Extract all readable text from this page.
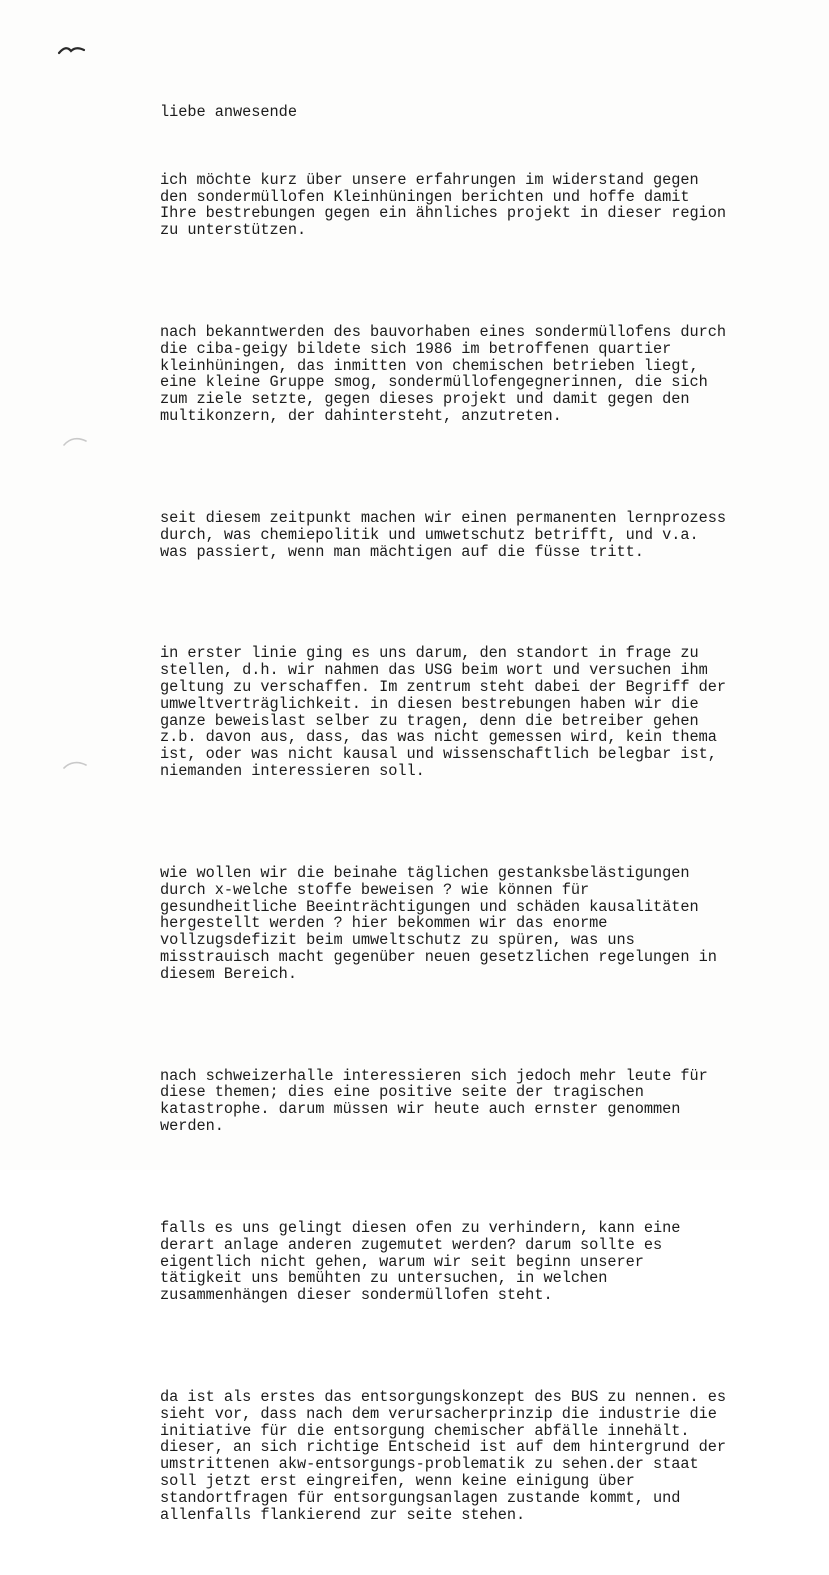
liebe anwesende

ich möchte kurz über unsere erfahrungen im widerstand gegen
den sondermüllofen Kleinhüningen berichten und hoffe damit
Ihre bestrebungen gegen ein ähnliches projekt in dieser region
zu unterstützen.

nach bekanntwerden des bauvorhaben eines sondermüllofens durch
die ciba-geigy bildete sich 1986 im betroffenen quartier
kleinhüningen, das inmitten von chemischen betrieben liegt,
eine kleine Gruppe smog, sondermüllofengegnerinnen, die sich
zum ziele setzte, gegen dieses projekt und damit gegen den
multikonzern, der dahintersteht, anzutreten.

seit diesem zeitpunkt machen wir einen permanenten lernprozess
durch, was chemiepolitik und umwetschutz betrifft, und v.a.
was passiert, wenn man mächtigen auf die füsse tritt.

in erster linie ging es uns darum, den standort in frage zu
stellen, d.h. wir nahmen das USG beim wort und versuchen ihm
geltung zu verschaffen. Im zentrum steht dabei der Begriff der
umweltverträglichkeit. in diesen bestrebungen haben wir die
ganze beweislast selber zu tragen, denn die betreiber gehen
z.b. davon aus, dass, das was nicht gemessen wird, kein thema
ist, oder was nicht kausal und wissenschaftlich belegbar ist,
niemanden interessieren soll.

wie wollen wir die beinahe täglichen gestanksbelästigungen
durch x-welche stoffe beweisen ? wie können für
gesundheitliche Beeinträchtigungen und schäden kausalitäten
hergestellt werden ? hier bekommen wir das enorme
vollzugsdefizit beim umweltschutz zu spüren, was uns
misstrauisch macht gegenüber neuen gesetzlichen regelungen in
diesem Bereich.

nach schweizerhalle interessieren sich jedoch mehr leute für
diese themen; dies eine positive seite der tragischen
katastrophe. darum müssen wir heute auch ernster genommen
werden.

falls es uns gelingt diesen ofen zu verhindern, kann eine
derart anlage anderen zugemutet werden? darum sollte es
eigentlich nicht gehen, warum wir seit beginn unserer
tätigkeit uns bemühten zu untersuchen, in welchen
zusammenhängen dieser sondermüllofen steht.

da ist als erstes das entsorgungskonzept des BUS zu nennen. es
sieht vor, dass nach dem verursacherprinzip die industrie die
initiative für die entsorgung chemischer abfälle innehält.
dieser, an sich richtige Entscheid ist auf dem hintergrund der
umstrittenen akw-entsorgungs-problematik zu sehen.der staat
soll jetzt erst eingreifen, wenn keine einigung über
standortfragen für entsorgungsanlagen zustande kommt, und
allenfalls flankierend zur seite stehen.
